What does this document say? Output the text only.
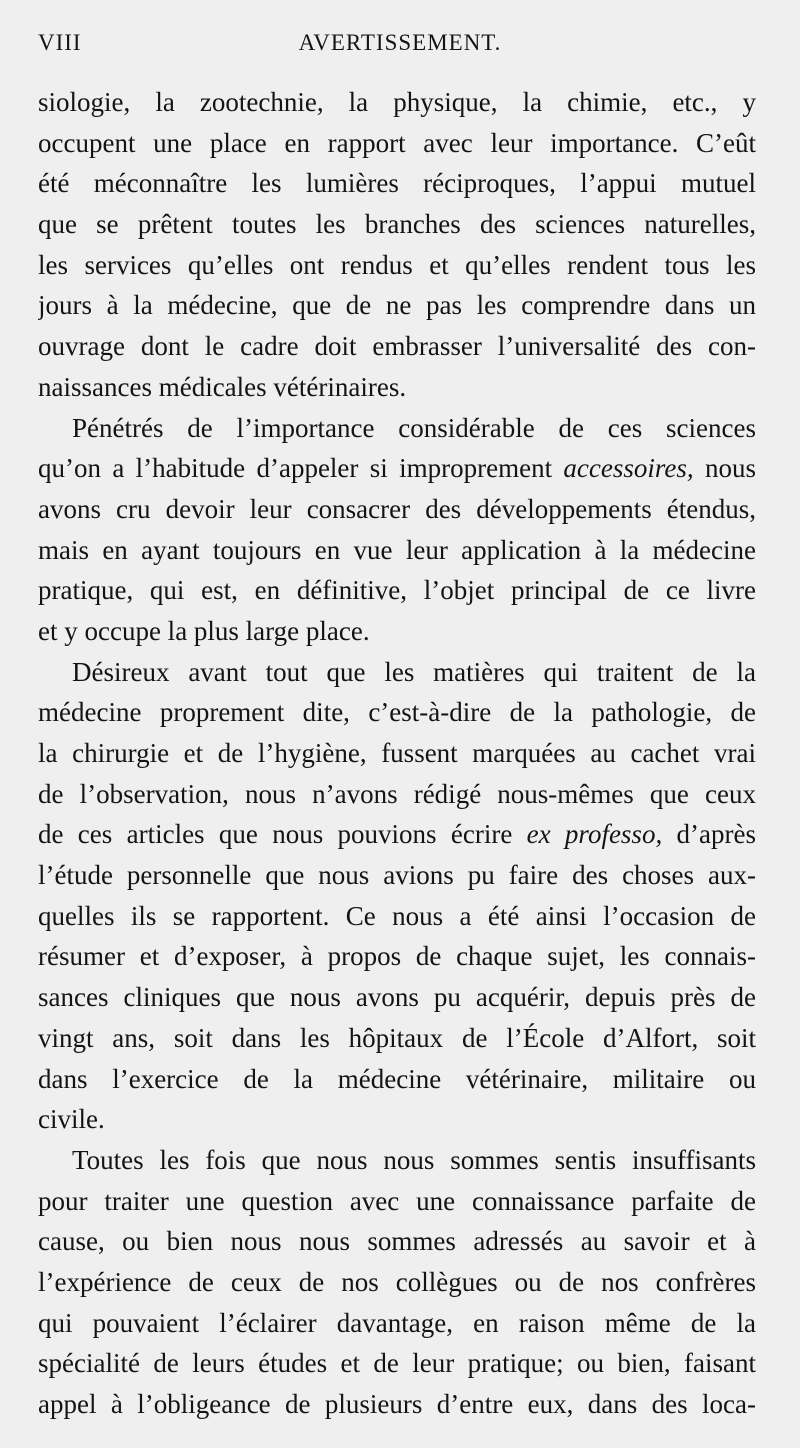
VIII	AVERTISSEMENT.
siologie, la zootechnie, la physique, la chimie, etc., y
occupent une place en rapport avec leur importance. C’eût
été méconnaître les lumières réciproques, l’appui mutuel
que se prêtent toutes les branches des sciences naturelles,
les services qu’elles ont rendus et qu’elles rendent tous les
jours à la médecine, que de ne pas les comprendre dans un
ouvrage dont le cadre doit embrasser l’universalité des con-
naissances médicales vétérinaires.
Pénétrés de l’importance considérable de ces sciences
qu’on a l’habitude d’appeler si improprement accessoires, nous
avons cru devoir leur consacrer des développements étendus,
mais en ayant toujours en vue leur application à la médecine
pratique, qui est, en définitive, l’objet principal de ce livre
et y occupe la plus large place.
Désireux avant tout que les matières qui traitent de la
médecine proprement dite, c’est-à-dire de la pathologie, de
la chirurgie et de l’hygiène, fussent marquées au cachet vrai
de l’observation, nous n’avons rédigé nous-mêmes que ceux
de ces articles que nous pouvions écrire ex professo, d’après
l’étude personnelle que nous avions pu faire des choses aux-
quelles ils se rapportent. Ce nous a été ainsi l’occasion de
résumer et d’exposer, à propos de chaque sujet, les connais-
sances cliniques que nous avons pu acquérir, depuis près de
vingt ans, soit dans les hôpitaux de l’École d’Alfort, soit
dans l’exercice de la médecine vétérinaire, militaire ou
civile.
Toutes les fois que nous nous sommes sentis insuffisants
pour traiter une question avec une connaissance parfaite de
cause, ou bien nous nous sommes adressés au savoir et à
l’expérience de ceux de nos collègues ou de nos confrères
qui pouvaient l’éclairer davantage, en raison même de la
spécialité de leurs études et de leur pratique; ou bien, faisant
appel à l’obligeance de plusieurs d’entre eux, dans des loca-
